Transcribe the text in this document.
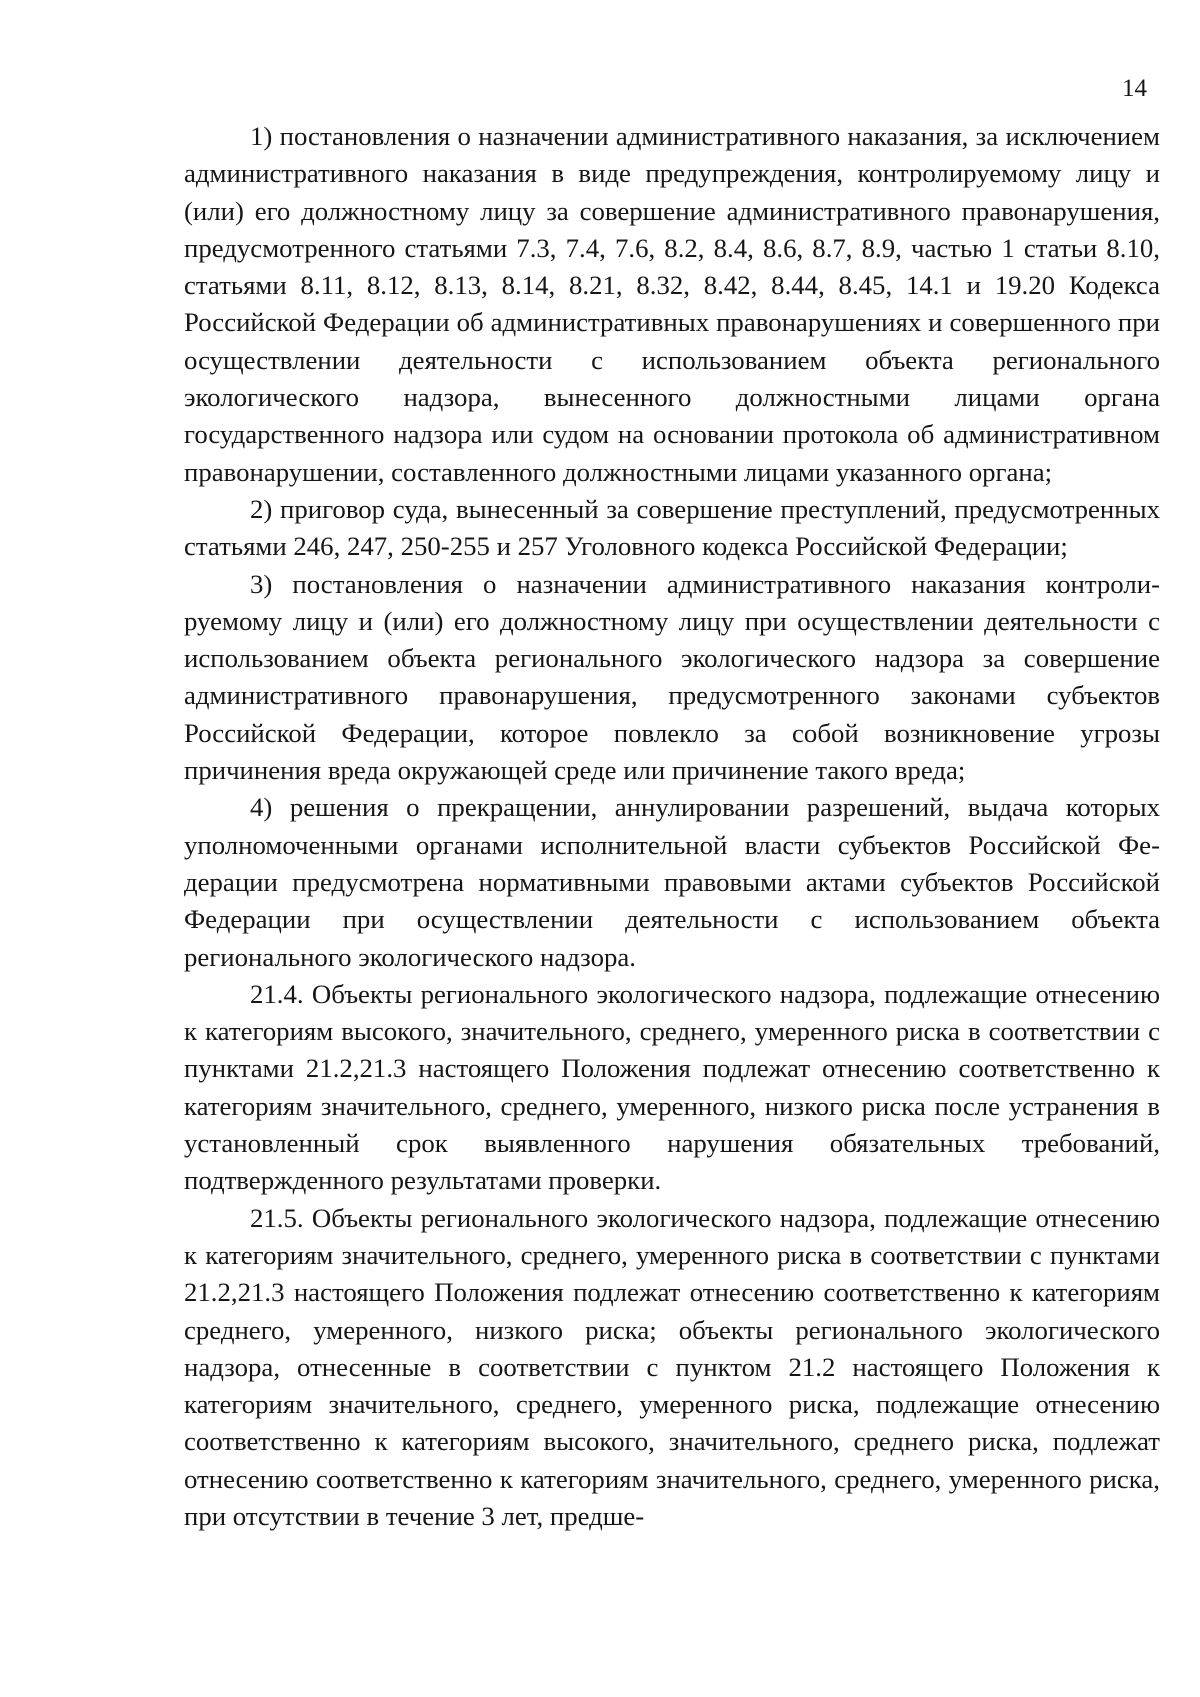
14

1) постановления о назначении административного наказания, за исключением административного наказания в виде предупреждения, контролируемому лицу и (или) его должностному лицу за совершение административного правонарушения, предусмотренного статьями 7.3, 7.4, 7.6, 8.2, 8.4, 8.6, 8.7, 8.9, частью 1 статьи 8.10, статьями 8.11, 8.12, 8.13, 8.14, 8.21, 8.32, 8.42, 8.44, 8.45, 14.1 и 19.20 Кодекса Российской Федерации об административных правонарушениях и совершенного при осуществлении деятельности с использованием объекта регионального экологического надзора, вынесенного должностными лицами органа государственного надзора или судом на основании протокола об административном правонарушении, составленного должностными лицами указанного органа;

2) приговор суда, вынесенный за совершение преступлений, предусмотренных статьями 246, 247, 250-255 и 257 Уголовного кодекса Российской Федерации;

3) постановления о назначении административного наказания контролируемому лицу и (или) его должностному лицу при осуществлении деятельности с использованием объекта регионального экологического надзора за совершение административного правонарушения, предусмотренного законами субъектов Российской Федерации, которое повлекло за собой возникновение угрозы причинения вреда окружающей среде или причинение такого вреда;

4) решения о прекращении, аннулировании разрешений, выдача которых уполномоченными органами исполнительной власти субъектов Российской Федерации предусмотрена нормативными правовыми актами субъектов Российской Федерации при осуществлении деятельности с использованием объекта регионального экологического надзора.

21.4. Объекты регионального экологического надзора, подлежащие отнесению к категориям высокого, значительного, среднего, умеренного риска в соответствии с пунктами 21.2,21.3 настоящего Положения подлежат отнесению соответственно к категориям значительного, среднего, умеренного, низкого риска после устранения в установленный срок выявленного нарушения обязательных требований, подтвержденного результатами проверки.

21.5. Объекты регионального экологического надзора, подлежащие отнесению к категориям значительного, среднего, умеренного риска в соответствии с пунктами 21.2,21.3 настоящего Положения подлежат отнесению соответственно к категориям среднего, умеренного, низкого риска; объекты регионального экологического надзора, отнесенные в соответствии с пунктом 21.2 настоящего Положения к категориям значительного, среднего, умеренного риска, подлежащие отнесению соответственно к категориям высокого, значительного, среднего риска, подлежат отнесению соответственно к категориям значительного, среднего, умеренного риска, при отсутствии в течение 3 лет, предше-
